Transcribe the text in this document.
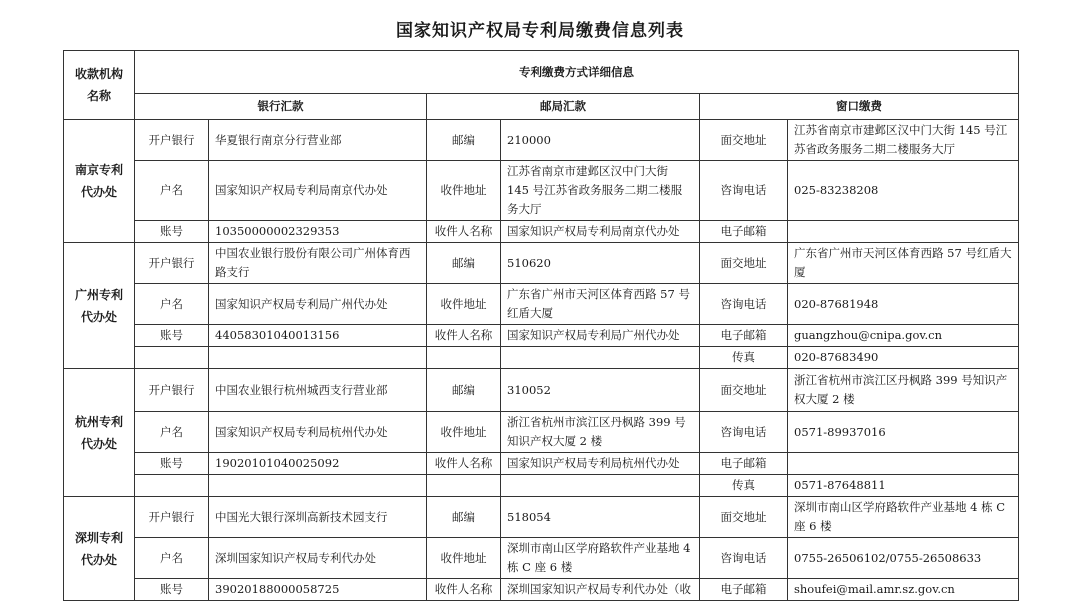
国家知识产权局专利局缴费信息列表
收款机构
名称	专利缴费方式详细信息					
	银行汇款		邮局汇款		窗口缴费	

南京专利
代办处	开户银行	华夏银行南京分行营业部	邮编	210000	面交地址	江苏省南京市建邺区汉中门大街 145 号江苏省政务服务二期二楼服务大厅
	户名	国家知识产权局专利局南京代办处	收件地址	江苏省南京市建邺区汉中门大街 145 号江苏省政务服务二期二楼服务大厅	咨询电话	025-83238208
	账号	10350000002329353	收件人名称	国家知识产权局专利局南京代办处	电子邮箱	

广州专利
代办处	开户银行	中国农业银行股份有限公司广州体育西路支行	邮编	510620	面交地址	广东省广州市天河区体育西路 57 号红盾大厦
	户名	国家知识产权局专利局广州代办处	收件地址	广东省广州市天河区体育西路 57 号红盾大厦	咨询电话	020-87681948
	账号	44058301040013156	收件人名称	国家知识产权局专利局广州代办处	电子邮箱	guangzhou@cnipa.gov.cn
					传真	020-87683490

杭州专利
代办处	开户银行	中国农业银行杭州城西支行营业部	邮编	310052	面交地址	浙江省杭州市滨江区丹枫路 399 号知识产权大厦 2 楼
	户名	国家知识产权局专利局杭州代办处	收件地址	浙江省杭州市滨江区丹枫路 399 号知识产权大厦 2 楼	咨询电话	0571-89937016
	账号	19020101040025092	收件人名称	国家知识产权局专利局杭州代办处	电子邮箱	
					传真	0571-87648811

深圳专利
代办处	开户银行	中国光大银行深圳高新技术园支行	邮编	518054	面交地址	深圳市南山区学府路软件产业基地 4 栋 C 座 6 楼
	户名	深圳国家知识产权局专利代办处	收件地址	深圳市南山区学府路软件产业基地 4 栋 C 座 6 楼	咨询电话	0755-26506102/0755-26508633
	账号	39020188000058725	收件人名称	深圳国家知识产权局专利代办处（收	电子邮箱	shoufei@mail.amr.sz.gov.cn
